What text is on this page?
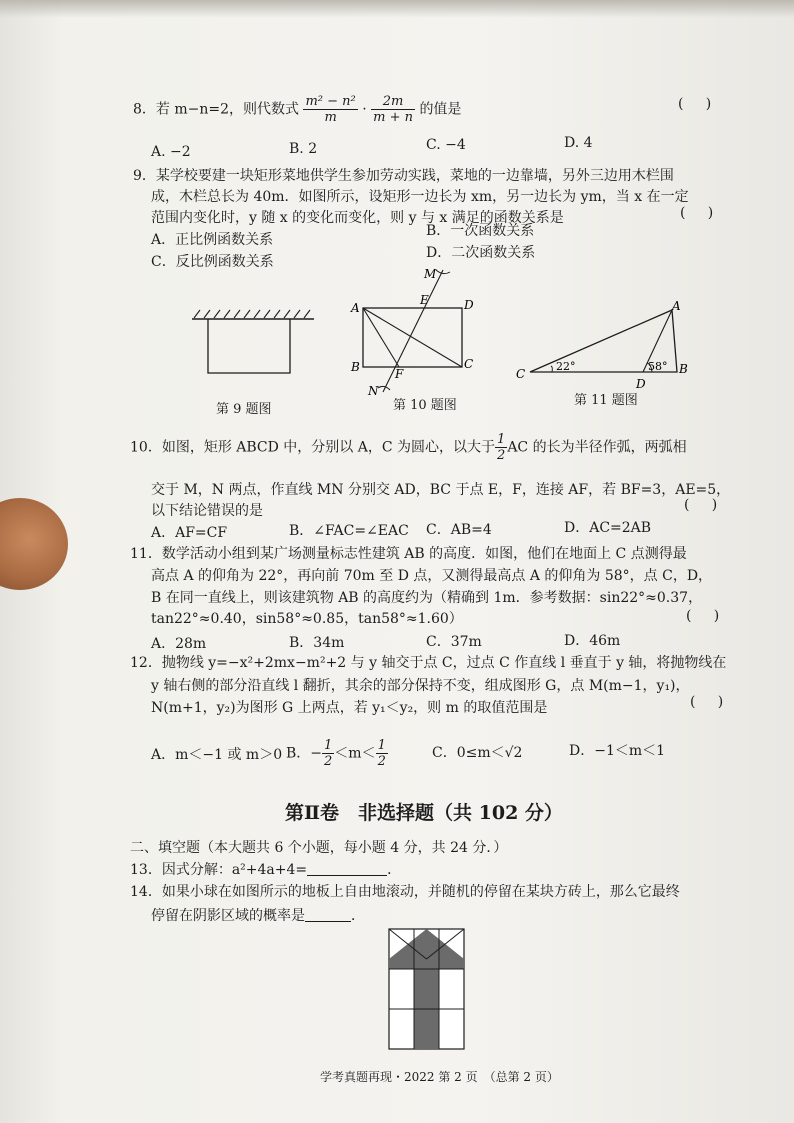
8．若 m−n=2，则代数式 $\frac{\text{m² − n²}}{m} \cdot \frac{2m}{m + n}$ 的值是	(     )
A. −2	B. 2	C. −4	D. 4
9．某学校要建一块矩形菜地供学生参加劳动实践，菜地的一边靠墙，另外三边用木栏围
成，木栏总长为 40m．如图所示，设矩形一边长为 xm，另一边长为 ym，当 x 在一定
范围内变化时，y 随 x 的变化而变化，则 y 与 x 满足的函数关系是	(     )
A．正比例函数关系
B．一次函数关系
C．反比例函数关系
D．二次函数关系
第 9 题图
M
N
A
B	C
D
E
F
第 10 题图
C
D
B
A
22°	58°
第 11 题图
10．如图，矩形 ABCD 中，分别以 A，C 为圆心，以大于 $\frac{1}{2}$ AC 的长为半径作弧，两弧相
交于 M，N 两点，作直线 MN 分别交 AD，BC 于点 E，F，连接 AF，若 BF=3，AE=5，
以下结论错误的是	(     )
A．AF=CF	B．∠FAC=∠EAC C．AB=4	D．AC=2AB
11．数学活动小组到某广场测量标志性建筑 AB 的高度．如图，他们在地面上 C 点测得最
高点 A 的仰角为 22°，再向前 70m 至 D 点，又测得最高点 A 的仰角为 58°，点 C，D，
B 在同一直线上，则该建筑物 AB 的高度约为（精确到 1m．参考数据：sin22°≈0.37，
tan22°≈0.40，sin58°≈0.85，tan58°≈1.60）	(     )
A．28m	B．34m	C．37m	D．46m
12．抛物线 y=−x²+2mx−m²+2 与 y 轴交于点 C，过点 C 作直线 l 垂直于 y 轴，将抛物线在
y 轴右侧的部分沿直线 l 翻折，其余的部分保持不变，组成图形 G，点 M(m−1，y₁)，
N(m+1，y₂)为图形 G 上两点，若 y₁＜y₂，则 m 的取值范围是	(     )
A．m＜−1 或 m＞0 B．− $\frac{1}{2} <m< \frac{1}{2}$	C．0≤m＜√2	D．−1＜m＜1
第Ⅱ卷　非选择题（共 102 分）
二、填空题（本大题共 6 个小题，每小题 4 分，共 24 分．）
13．因式分解：a²+4a+4=	．
14．如果小球在如图所示的地板上自由地滚动，并随机的停留在某块方砖上，那么它最终
停留在阴影区域的概率是	．
学考真题再现・2022 第 2 页　（总第 2 页）
